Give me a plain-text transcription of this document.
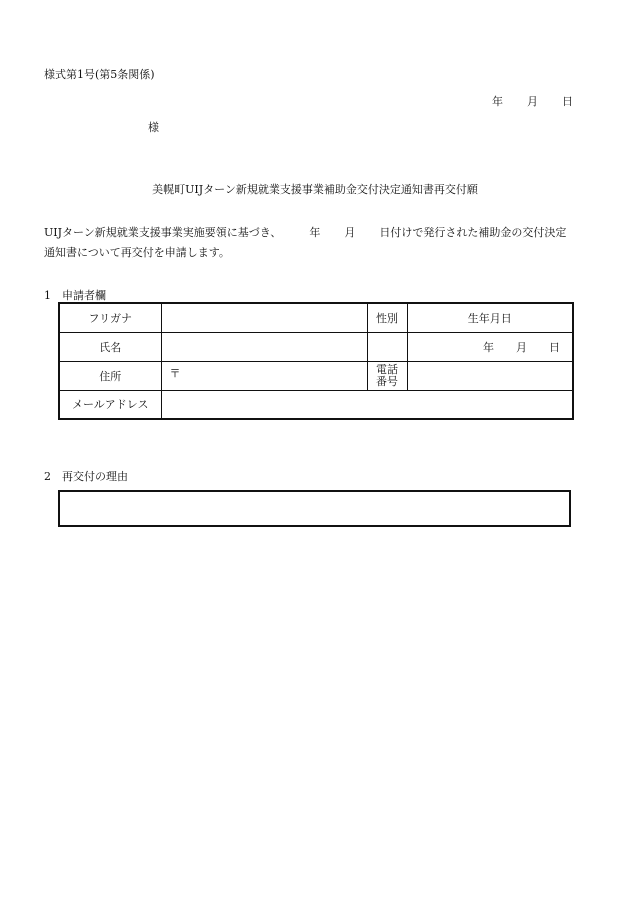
様式第1号(第5条関係)
年 月 日
様
美幌町UIJターン新規就業支援事業補助金交付決定通知書再交付願
UIJターン新規就業支援事業実施要領に基づき、	年 月 日付けで発行された補助金の交付決定
通知書について再交付を申請します。
1 申請者欄
フリガナ		性別	生年月日
氏名			年 月 日
住所	〒	電話
番号	
メールアドレス			
2 再交付の理由
